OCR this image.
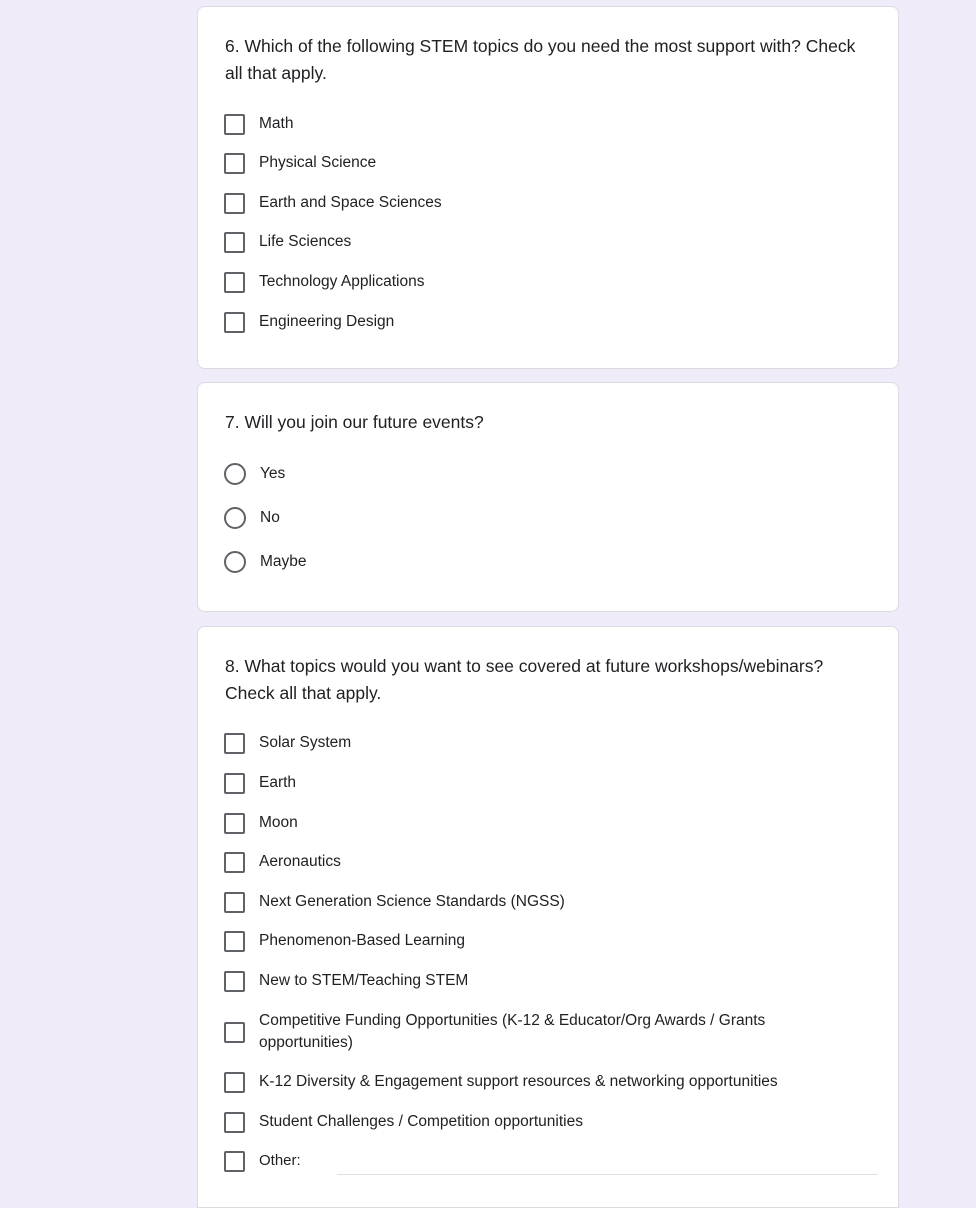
6. Which of the following STEM topics do you need the most support with? Check all that apply.
Math
Physical Science
Earth and Space Sciences
Life Sciences
Technology Applications
Engineering Design
7. Will you join our future events?
Yes
No
Maybe
8. What topics would you want to see covered at future workshops/webinars? Check all that apply.
Solar System
Earth
Moon
Aeronautics
Next Generation Science Standards (NGSS)
Phenomenon-Based Learning
New to STEM/Teaching STEM
Competitive Funding Opportunities (K-12 & Educator/Org Awards / Grants opportunities)
K-12 Diversity & Engagement support resources & networking opportunities
Student Challenges / Competition opportunities
Other:
